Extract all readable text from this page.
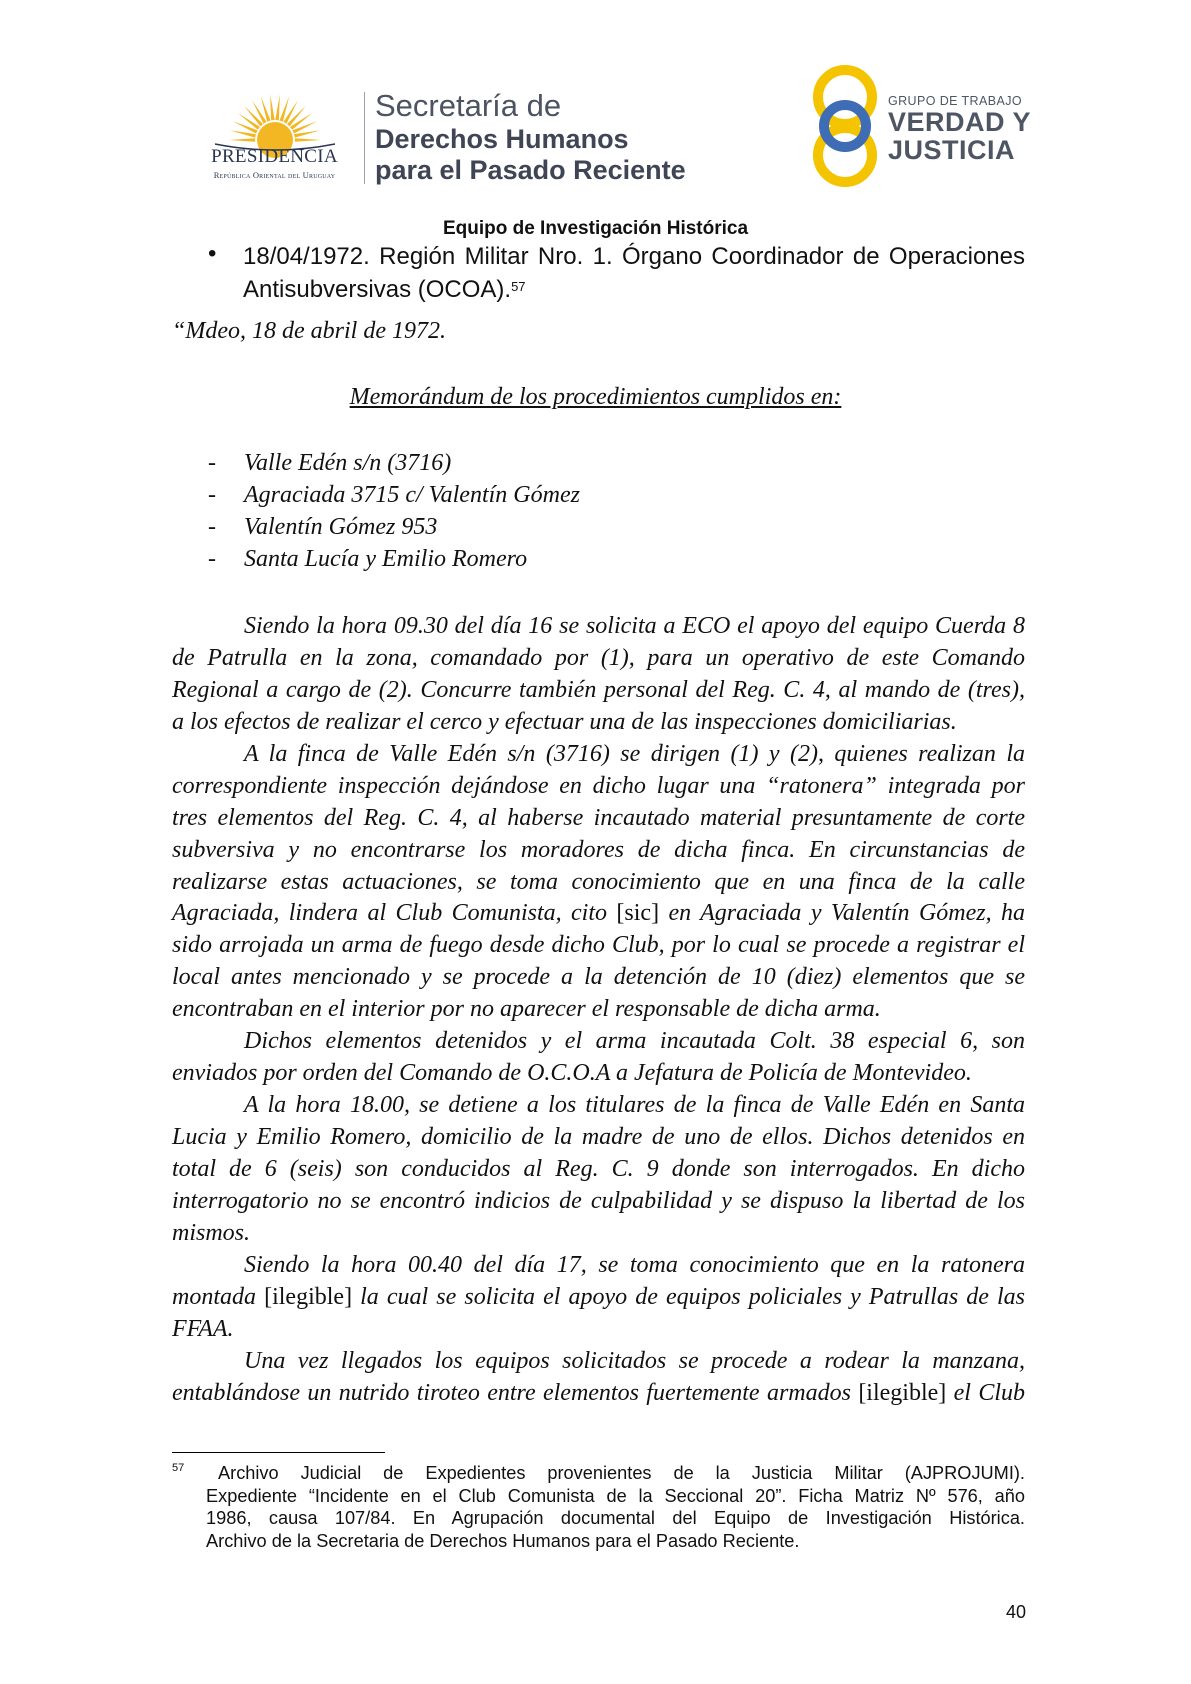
PRESIDENCIA
República Oriental del Uruguay
Secretaría de
Derechos Humanos
para el Pasado Reciente
GRUPO DE TRABAJO
VERDAD Y
JUSTICIA
Equipo de Investigación Histórica
• 18/04/1972. Región Militar Nro. 1. Órgano Coordinador de Operaciones
Antisubversivas (OCOA).$^{57}$
“Mdeo, 18 de abril de 1972.
Memorándum de los procedimientos cumplidos en:
- Valle Edén s/n (3716)
- Agraciada 3715 c/ Valentín Gómez
- Valentín Gómez 953
- Santa Lucía y Emilio Romero
Siendo la hora 09.30 del día 16 se solicita a ECO el apoyo del equipo Cuerda 8
de Patrulla en la zona, comandado por (1), para un operativo de este Comando
Regional a cargo de (2). Concurre también personal del Reg. C. 4, al mando de (tres),
a los efectos de realizar el cerco y efectuar una de las inspecciones domiciliarias.
A la finca de Valle Edén s/n (3716) se dirigen (1) y (2), quienes realizan la
correspondiente inspección dejándose en dicho lugar una “ratonera” integrada por
tres elementos del Reg. C. 4, al haberse incautado material presuntamente de corte
subversiva y no encontrarse los moradores de dicha finca. En circunstancias de
realizarse estas actuaciones, se toma conocimiento que en una finca de la calle
Agraciada, lindera al Club Comunista, cito [sic] en Agraciada y Valentín Gómez, ha
sido arrojada un arma de fuego desde dicho Club, por lo cual se procede a registrar el
local antes mencionado y se procede a la detención de 10 (diez) elementos que se
encontraban en el interior por no aparecer el responsable de dicha arma.
Dichos elementos detenidos y el arma incautada Colt. 38 especial 6, son
enviados por orden del Comando de O.C.O.A a Jefatura de Policía de Montevideo.
A la hora 18.00, se detiene a los titulares de la finca de Valle Edén en Santa
Lucia y Emilio Romero, domicilio de la madre de uno de ellos. Dichos detenidos en
total de 6 (seis) son conducidos al Reg. C. 9 donde son interrogados. En dicho
interrogatorio no se encontró indicios de culpabilidad y se dispuso la libertad de los
mismos.
Siendo la hora 00.40 del día 17, se toma conocimiento que en la ratonera
montada [ilegible] la cual se solicita el apoyo de equipos policiales y Patrullas de las
FFAA.
Una vez llegados los equipos solicitados se procede a rodear la manzana,
entablándose un nutrido tiroteo entre elementos fuertemente armados [ilegible] el Club
57	Archivo Judicial de Expedientes provenientes de la Justicia Militar (AJPROJUMI).
Expediente “Incidente en el Club Comunista de la Seccional 20”. Ficha Matriz Nº 576, año
1986, causa 107/84. En Agrupación documental del Equipo de Investigación Histórica.
Archivo de la Secretaria de Derechos Humanos para el Pasado Reciente.
40
